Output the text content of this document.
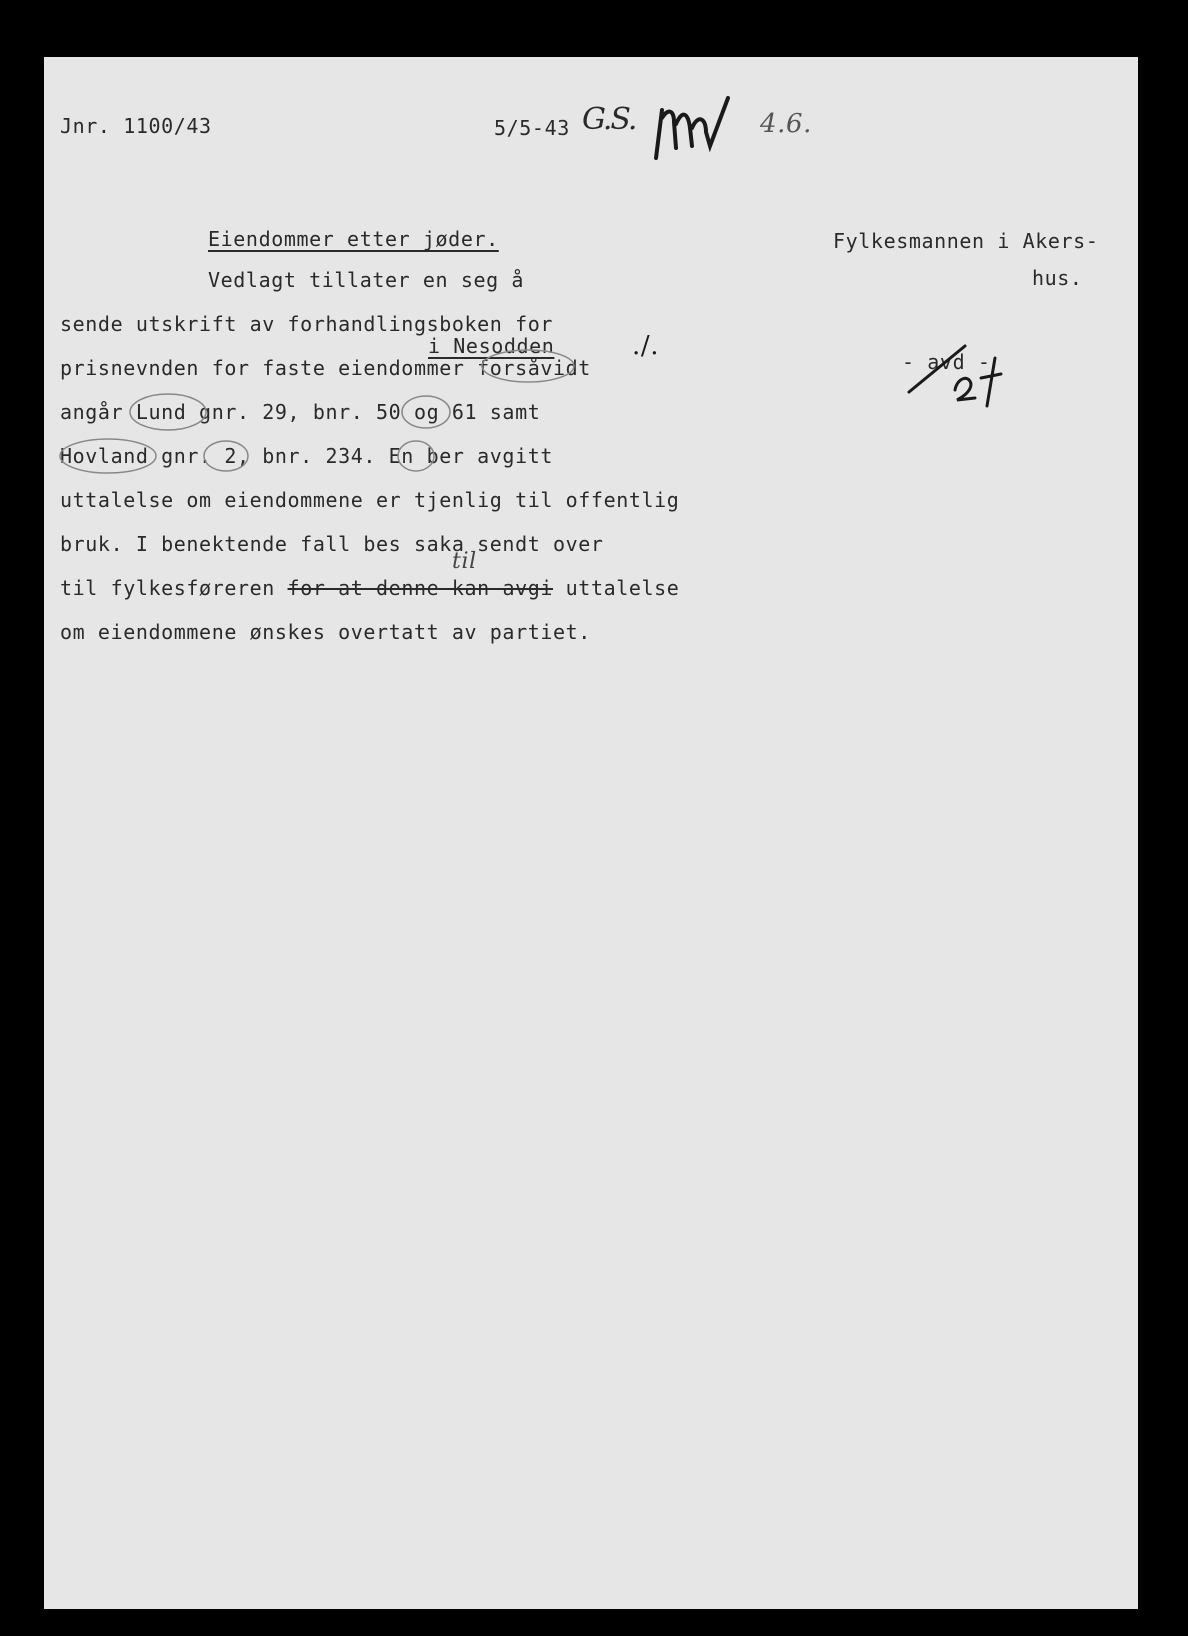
Jnr. 1100/43	5/5-43 G.S.	4.6.
Fylkesmannen i Akers-
hus.
- avd -
Eiendommer etter jøder.
Vedlagt tillater en seg å
sende utskrift av forhandlingsboken for
i Nesodden
prisnevnden for faste eiendommer forsåvidt
angår Lund gnr. 29, bnr. 50 og 61 samt
Hovland gnr. 2, bnr. 234. En ber avgitt
uttalelse om eiendommene er tjenlig til offentlig
bruk. I benektende fall bes saka sendt over
til fylkesføreren for at denne kan avgi uttalelse
til
om eiendommene ønskes overtatt av partiet.
./.
